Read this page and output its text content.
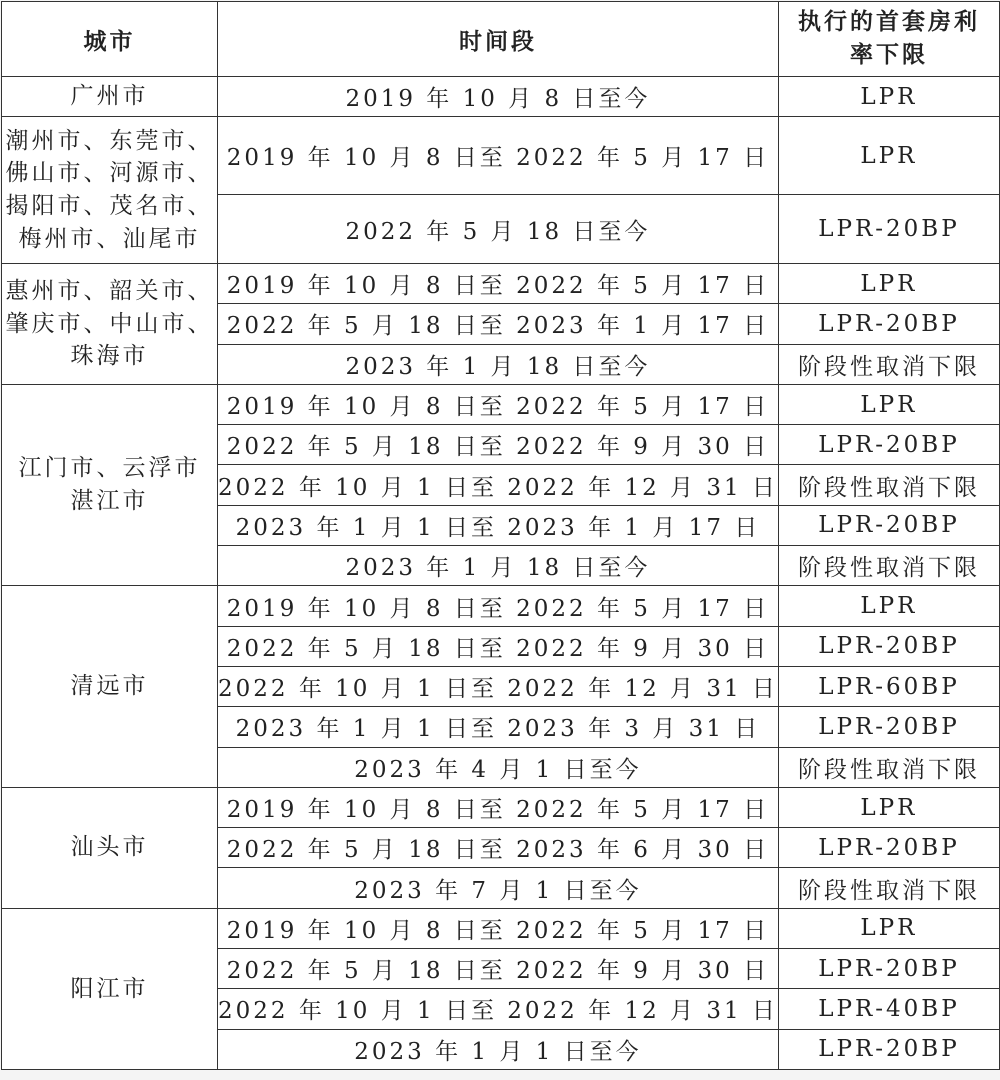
城市	时间段	执行的首套房利
率下限

广州市	2019 年 10 月 8 日至今	LPR

潮州市、东莞市、
佛山市、河源市、
揭阳市、茂名市、
梅州市、汕尾市	2019 年 10 月 8 日至 2022 年 5 月 17 日	LPR
	2022 年 5 月 18 日至今	LPR-20BP

惠州市、韶关市、
肇庆市、中山市、
珠海市	2019 年 10 月 8 日至 2022 年 5 月 17 日	LPR
	2022 年 5 月 18 日至 2023 年 1 月 17 日	LPR-20BP
	2023 年 1 月 18 日至今	阶段性取消下限

江门市、云浮市
湛江市	2019 年 10 月 8 日至 2022 年 5 月 17 日	LPR
	2022 年 5 月 18 日至 2022 年 9 月 30 日	LPR-20BP
	2022 年 10 月 1 日至 2022 年 12 月 31 日	阶段性取消下限
	2023 年 1 月 1 日至 2023 年 1 月 17 日	LPR-20BP
	2023 年 1 月 18 日至今	阶段性取消下限

清远市	2019 年 10 月 8 日至 2022 年 5 月 17 日	LPR
	2022 年 5 月 18 日至 2022 年 9 月 30 日	LPR-20BP
	2022 年 10 月 1 日至 2022 年 12 月 31 日	LPR-60BP
	2023 年 1 月 1 日至 2023 年 3 月 31 日	LPR-20BP
	2023 年 4 月 1 日至今	阶段性取消下限

汕头市	2019 年 10 月 8 日至 2022 年 5 月 17 日	LPR
	2022 年 5 月 18 日至 2023 年 6 月 30 日	LPR-20BP
	2023 年 7 月 1 日至今	阶段性取消下限

阳江市	2019 年 10 月 8 日至 2022 年 5 月 17 日	LPR
	2022 年 5 月 18 日至 2022 年 9 月 30 日	LPR-20BP
	2022 年 10 月 1 日至 2022 年 12 月 31 日	LPR-40BP
	2023 年 1 月 1 日至今	LPR-20BP
